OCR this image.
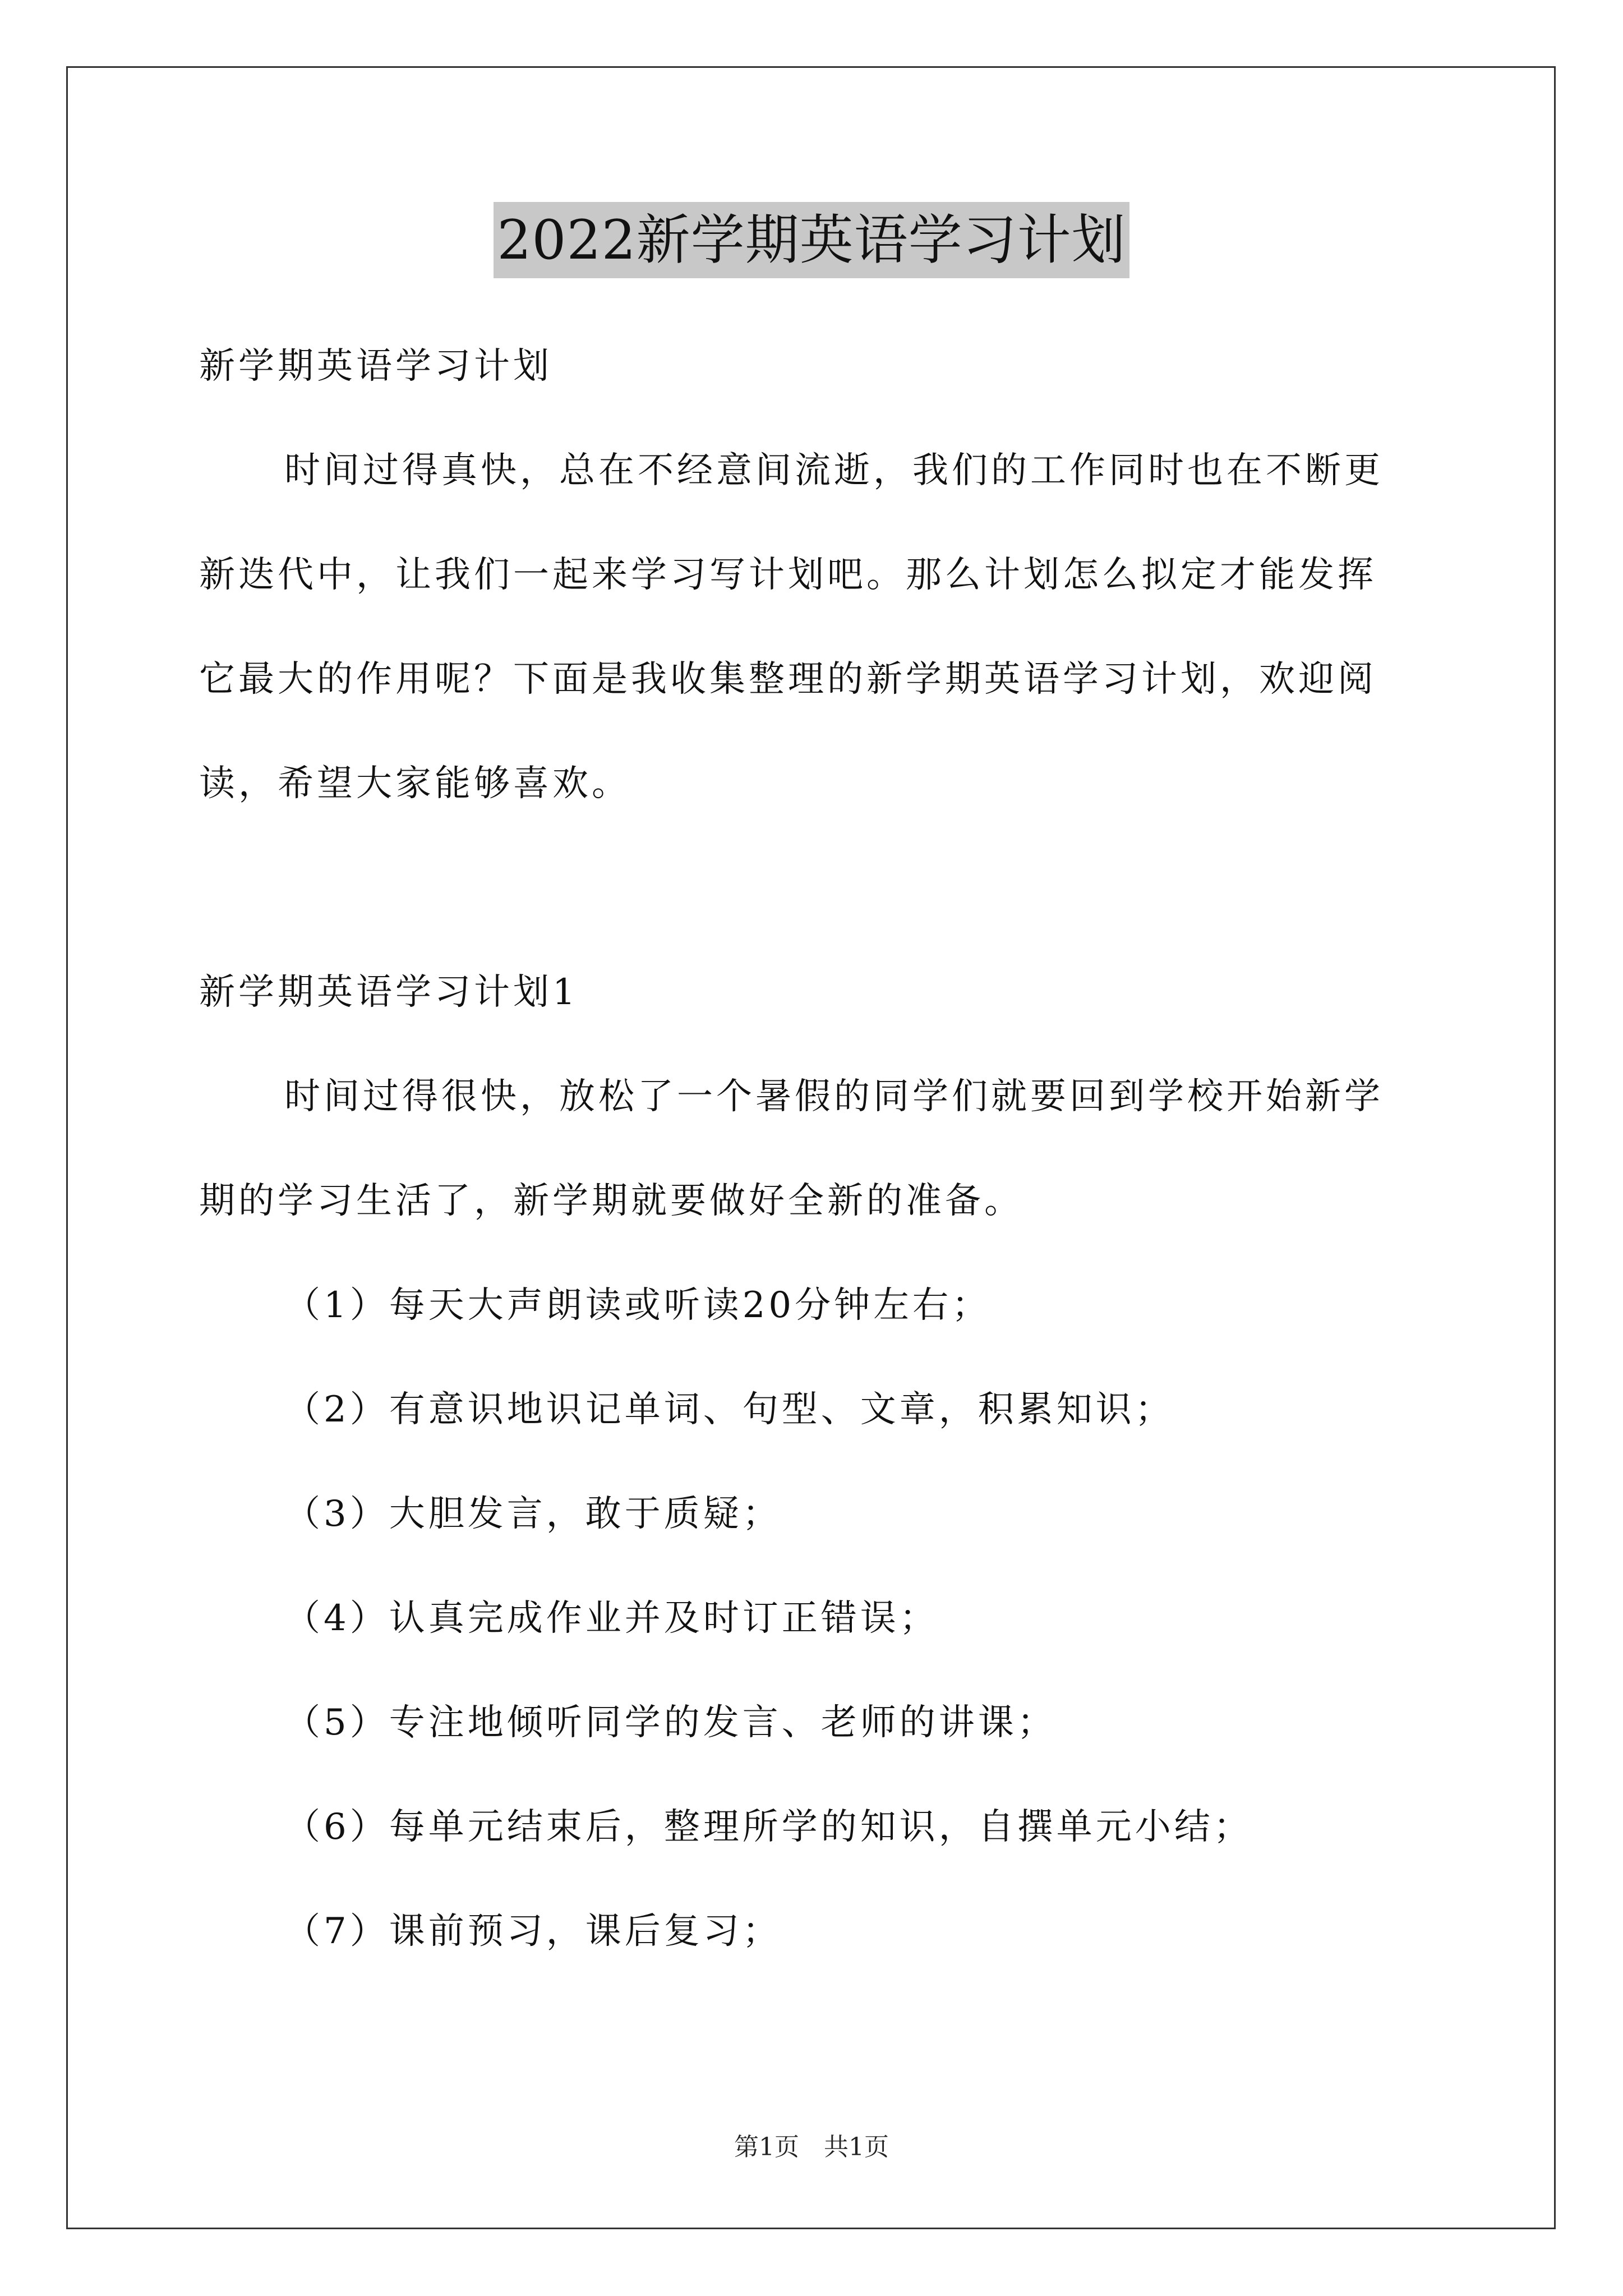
2022新学期英语学习计划
新学期英语学习计划
时间过得真快，总在不经意间流逝，我们的工作同时也在不断更
新迭代中，让我们一起来学习写计划吧。那么计划怎么拟定才能发挥
它最大的作用呢？下面是我收集整理的新学期英语学习计划，欢迎阅
读，希望大家能够喜欢。
新学期英语学习计划1
时间过得很快，放松了一个暑假的同学们就要回到学校开始新学
期的学习生活了，新学期就要做好全新的准备。
（1）每天大声朗读或听读20分钟左右；
（2）有意识地识记单词、句型、文章，积累知识；
（3）大胆发言，敢于质疑；
（4）认真完成作业并及时订正错误；
（5）专注地倾听同学的发言、老师的讲课；
（6）每单元结束后，整理所学的知识，自撰单元小结；
（7）课前预习，课后复习；
第1页　共1页
